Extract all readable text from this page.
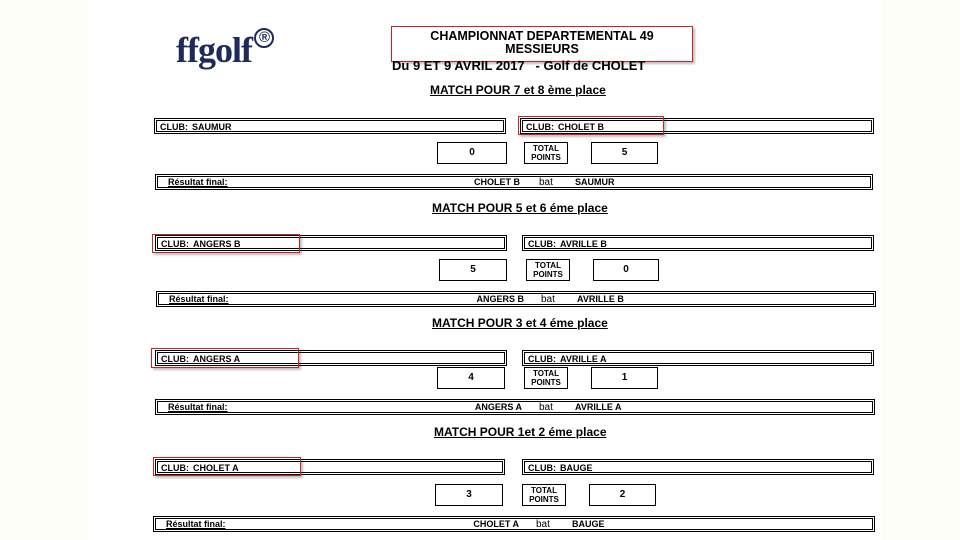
ffgolf ®	CHAMPIONNAT DEPARTEMENTAL 49
MESSIEURS
Du 9 ET 9 AVRIL 2017   - Golf de CHOLET
MATCH POUR 7 et 8 ème place
CLUB: SAUMUR	CLUB: CHOLET B
0	TOTAL
POINTS	5
Résultat final:	CHOLET B bat SAUMUR
MATCH POUR 5 et 6 éme place
CLUB: ANGERS B	CLUB: AVRILLE B
5	TOTAL
POINTS	0
Résultat final:	ANGERS B bat AVRILLE B
MATCH POUR 3 et 4 éme place
CLUB: ANGERS A	CLUB: AVRILLE A
4	TOTAL
POINTS	1
Résultat final:	ANGERS A bat AVRILLE A
MATCH POUR 1et 2 éme place
CLUB: CHOLET A	CLUB: BAUGE
3	TOTAL
POINTS	2
Résultat final:	CHOLET A bat BAUGE
